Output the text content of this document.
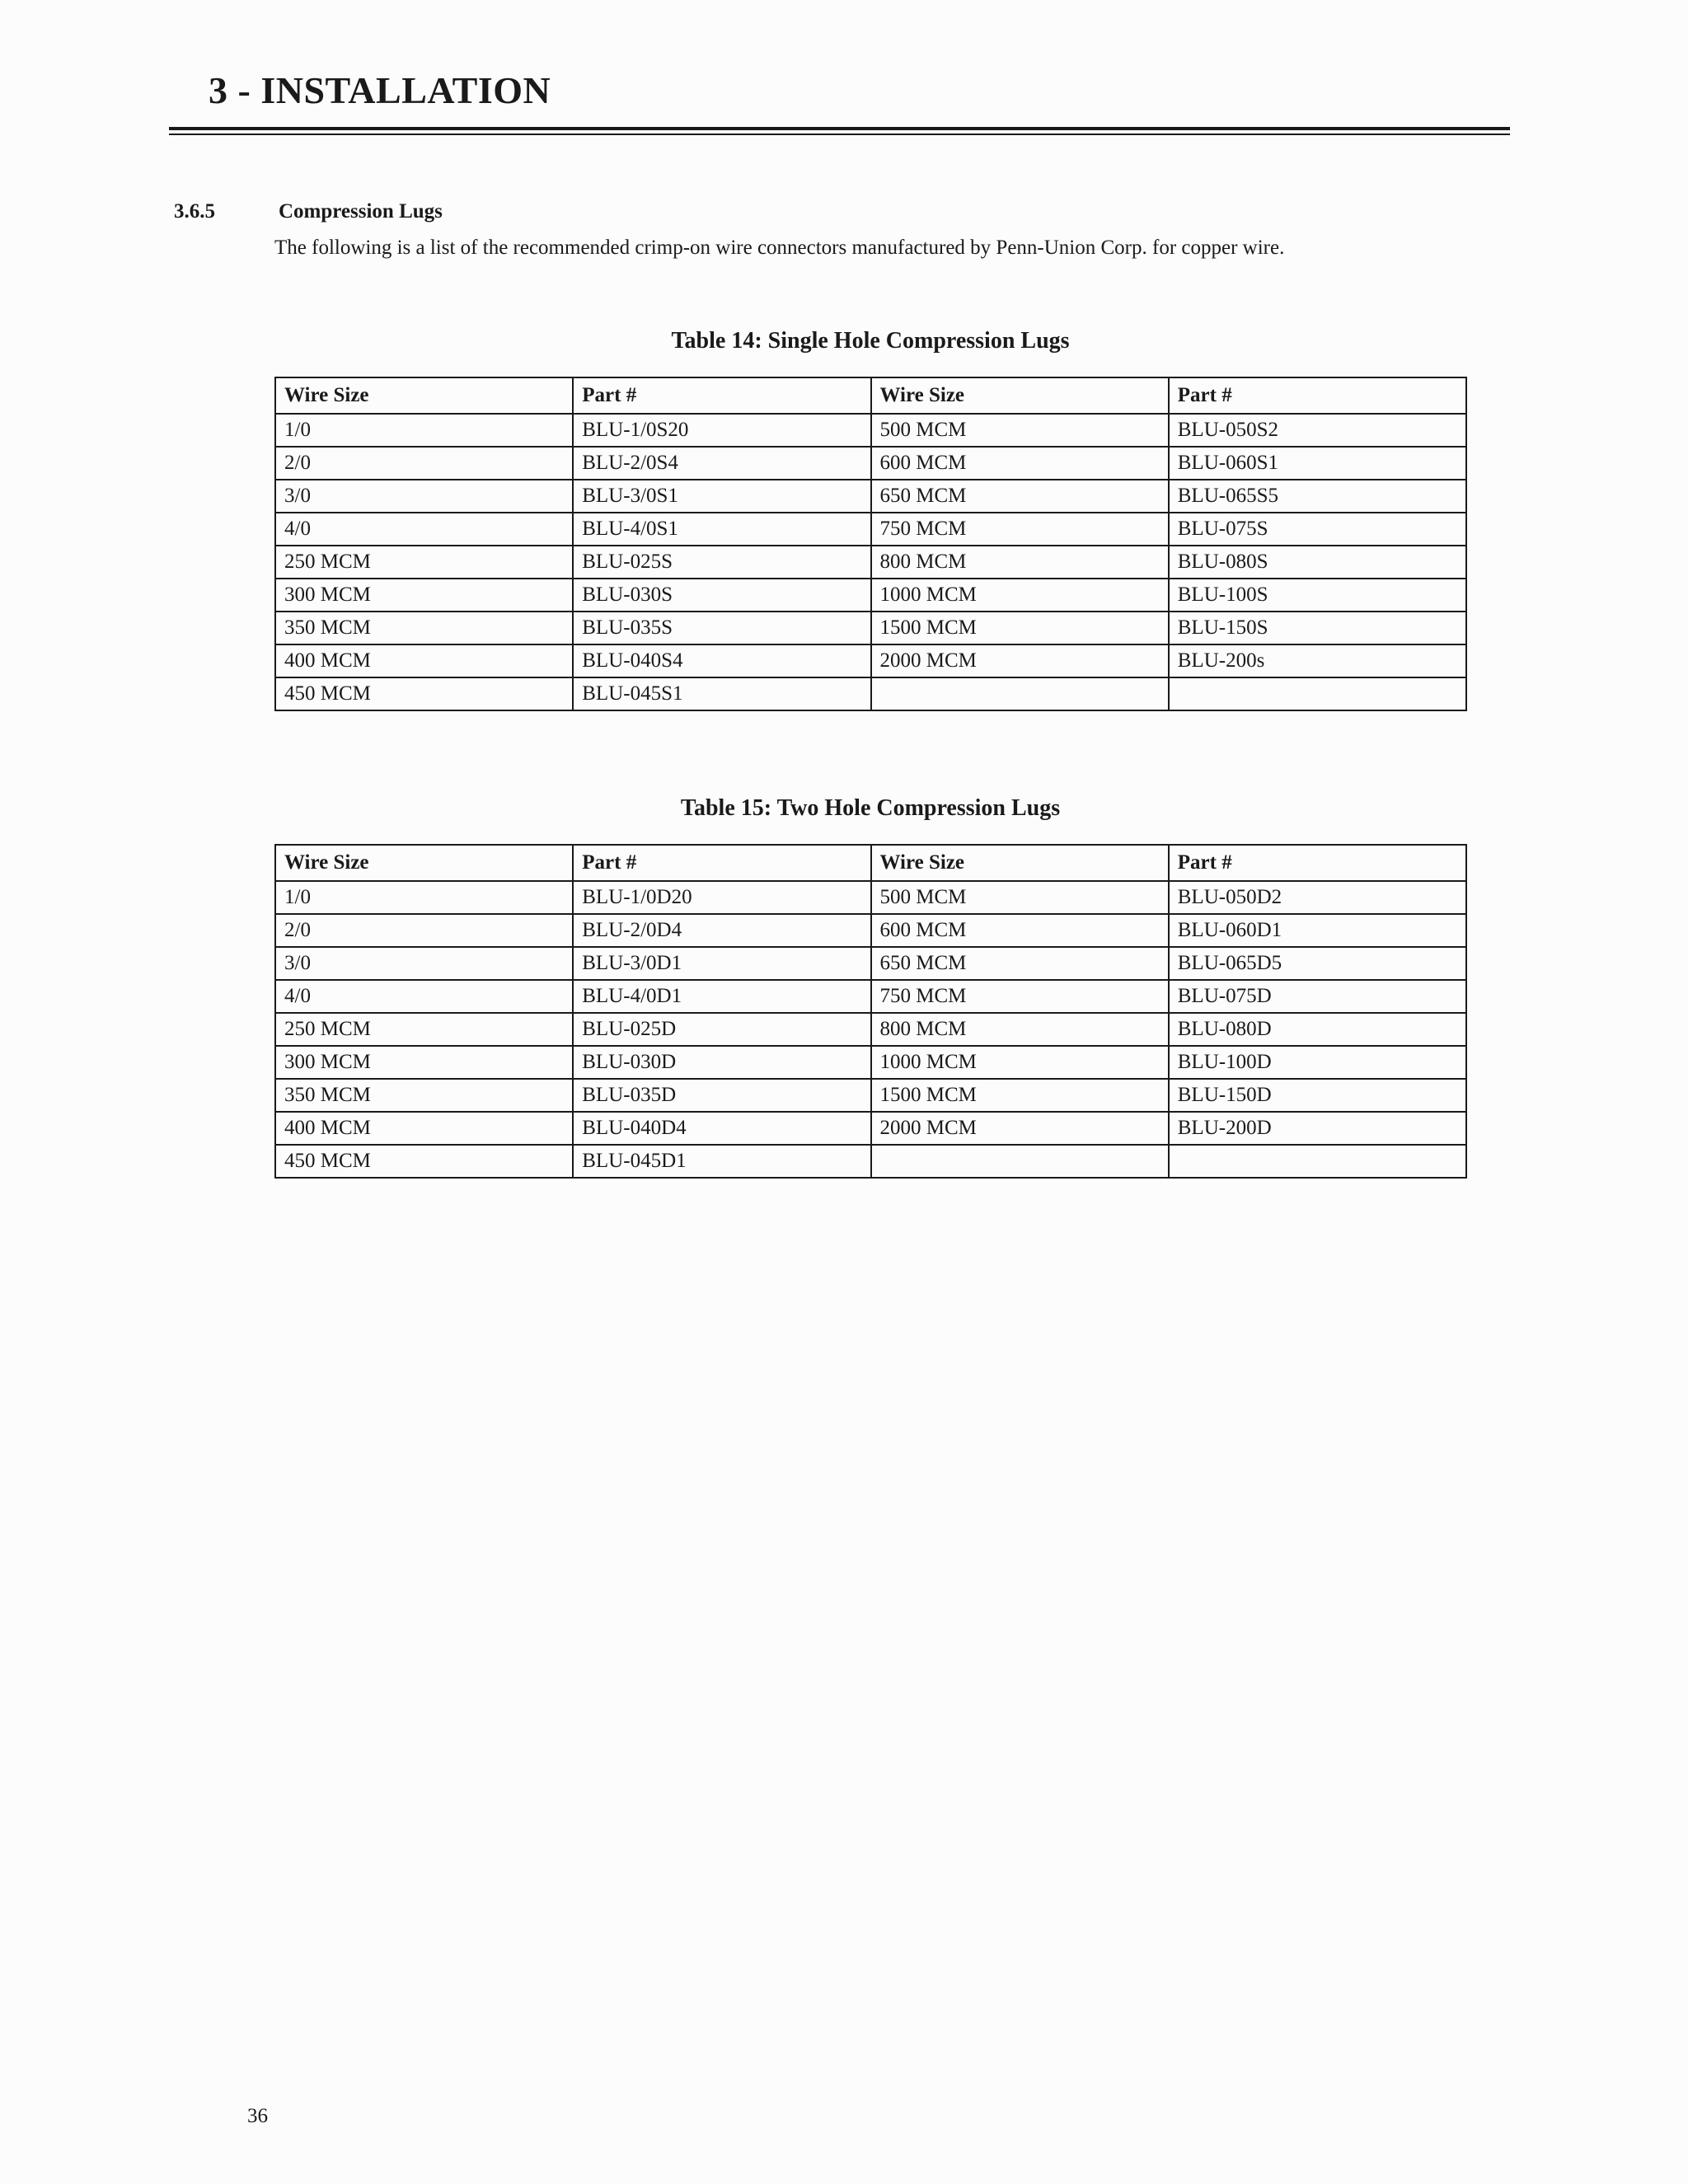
3 - INSTALLATION
3.6.5	Compression Lugs
The following is a list of the recommended crimp-on wire connectors manufactured by Penn-Union Corp. for copper wire.
Table 14: Single Hole Compression Lugs
Wire Size	Part #	Wire Size	Part #
1/0	BLU-1/0S20	500 MCM	BLU-050S2
2/0	BLU-2/0S4	600 MCM	BLU-060S1
3/0	BLU-3/0S1	650 MCM	BLU-065S5
4/0	BLU-4/0S1	750 MCM	BLU-075S
250 MCM	BLU-025S	800 MCM	BLU-080S
300 MCM	BLU-030S	1000 MCM	BLU-100S
350 MCM	BLU-035S	1500 MCM	BLU-150S
400 MCM	BLU-040S4	2000 MCM	BLU-200s
450 MCM	BLU-045S1		
Table 15: Two Hole Compression Lugs
Wire Size	Part #	Wire Size	Part #
1/0	BLU-1/0D20	500 MCM	BLU-050D2
2/0	BLU-2/0D4	600 MCM	BLU-060D1
3/0	BLU-3/0D1	650 MCM	BLU-065D5
4/0	BLU-4/0D1	750 MCM	BLU-075D
250 MCM	BLU-025D	800 MCM	BLU-080D
300 MCM	BLU-030D	1000 MCM	BLU-100D
350 MCM	BLU-035D	1500 MCM	BLU-150D
400 MCM	BLU-040D4	2000 MCM	BLU-200D
450 MCM	BLU-045D1		
36
